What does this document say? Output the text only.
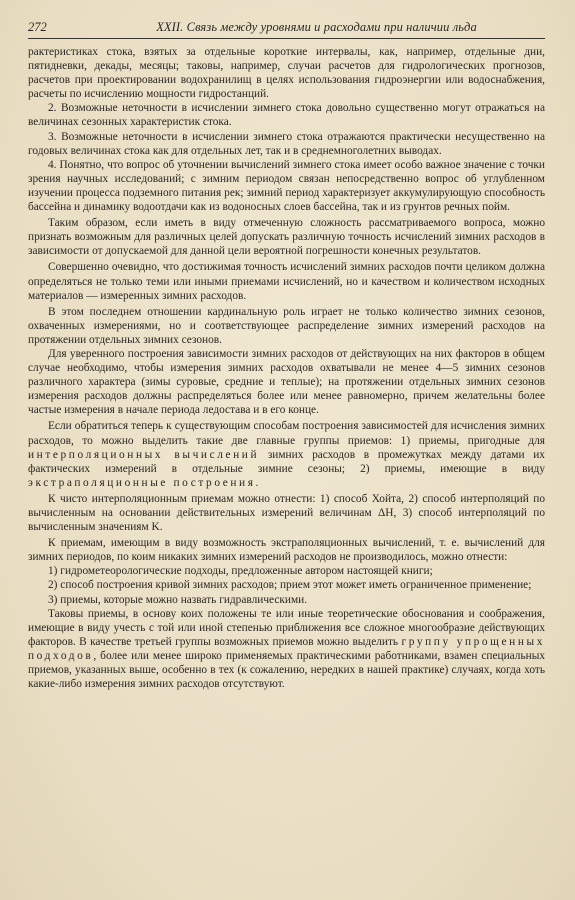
272	XXII. Связь между уровнями и расходами при наличии льда

рактеристиках стока, взятых за отдельные короткие интервалы, как, например, отдельные дни, пятидневки, декады, месяцы; таковы, например, случаи расчетов для гидрологических прогнозов, расчетов при проектировании водохранилищ в целях использования гидроэнергии или водоснабжения, расчеты по исчислению мощности гидростанций.

2. Возможные неточности в исчислении зимнего стока довольно существенно могут отражаться на величинах сезонных характеристик стока.

3. Возможные неточности в исчислении зимнего стока отражаются практически несущественно на годовых величинах стока как для отдельных лет, так и в среднемноголетних выводах.

4. Понятно, что вопрос об уточнении вычислений зимнего стока имеет особо важное значение с точки зрения научных исследований; с зимним периодом связан непосредственно вопрос об углубленном изучении процесса подземного питания рек; зимний период характеризует аккумулирующую способность бассейна и динамику водоотдачи как из водоносных слоев бассейна, так и из грунтов речных пойм.

Таким образом, если иметь в виду отмеченную сложность рассматриваемого вопроса, можно признать возможным для различных целей допускать различную точность исчислений зимних расходов в зависимости от допускаемой для данной цели вероятной погрешности конечных результатов.

Совершенно очевидно, что достижимая точность исчислений зимних расходов почти целиком должна определяться не только теми или иными приемами исчислений, но и качеством и количеством исходных материалов — измеренных зимних расходов.

В этом последнем отношении кардинальную роль играет не только количество зимних сезонов, охваченных измерениями, но и соответствующее распределение зимних измерений расходов на протяжении отдельных зимних сезонов.

Для уверенного построения зависимости зимних расходов от действующих на них факторов в общем случае необходимо, чтобы измерения зимних расходов охватывали не менее 4—5 зимних сезонов различного характера (зимы суровые, средние и теплые); на протяжении отдельных зимних сезонов измерения расходов должны распределяться более или менее равномерно, причем желательны более частые измерения в начале периода ледостава и в его конце.

Если обратиться теперь к существующим способам построения зависимостей для исчисления зимних расходов, то можно выделить такие две главные группы приемов: 1) приемы, пригодные для интерполяционных вычислений зимних расходов в промежутках между датами их фактических измерений в отдельные зимние сезоны; 2) приемы, имеющие в виду экстраполяционные построения.

К чисто интерполяционным приемам можно отнести: 1) способ Хойта, 2) способ интерполяций по вычисленным на основании действительных измерений величинам ΔH, 3) способ интерполяций по вычисленным значениям K.

К приемам, имеющим в виду возможность экстраполяционных вычислений, т. е. вычислений для зимних периодов, по коим никаких зимних измерений расходов не производилось, можно отнести:

1) гидрометеорологические подходы, предложенные автором настоящей книги;

2) способ построения кривой зимних расходов; прием этот может иметь ограниченное применение;

3) приемы, которые можно назвать гидравлическими.

Таковы приемы, в основу коих положены те или иные теоретические обоснования и соображения, имеющие в виду учесть с той или иной степенью приближения все сложное многообразие действующих факторов. В качестве третьей группы возможных приемов можно выделить группу упрощенных подходов, более или менее широко применяемых практическими работниками, взамен специальных приемов, указанных выше, особенно в тех (к сожалению, нередких в нашей практике) случаях, когда хоть какие-либо измерения зимних расходов отсутствуют.
